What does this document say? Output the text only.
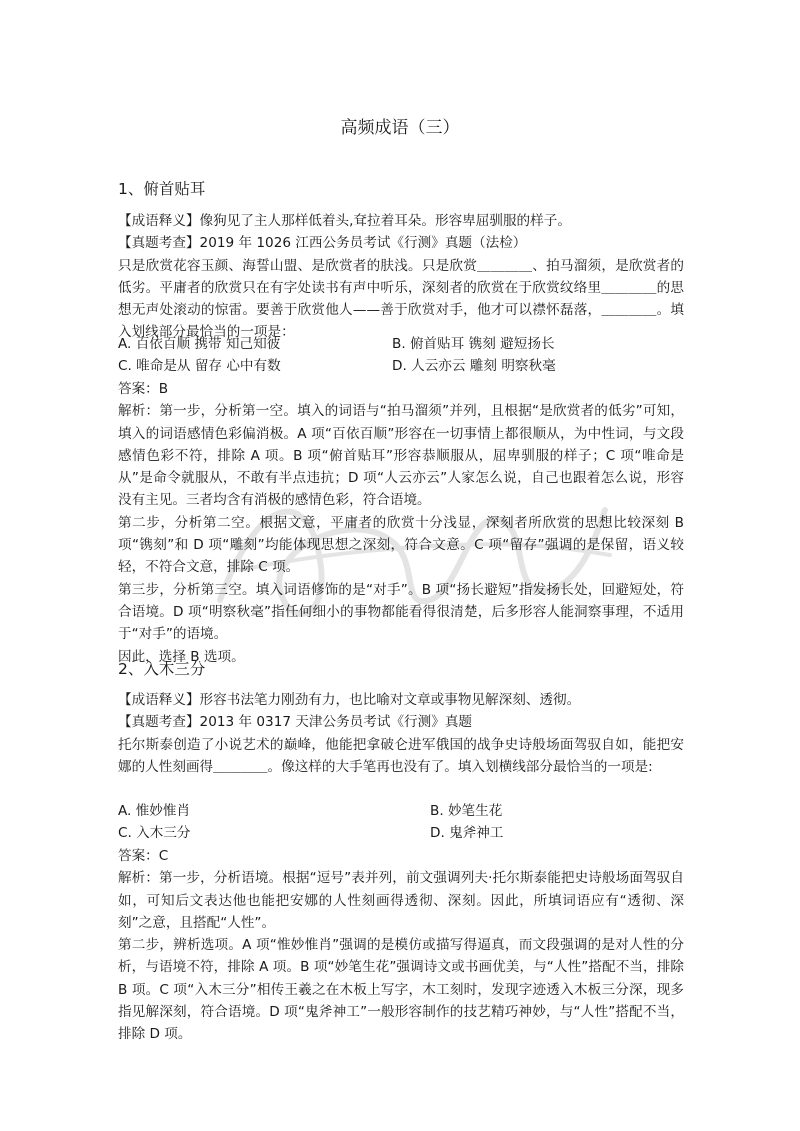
高频成语（三）
1、俯首贴耳

【成语释义】像狗见了主人那样低着头,耷拉着耳朵。形容卑屈驯服的样子。

【真题考查】2019 年 1026 江西公务员考试《行测》真题（法检）

只是欣赏花容玉颜、海誓山盟、是欣赏者的肤浅。只是欣赏＿＿＿＿、拍马溜须，是欣赏者的低劣。平庸者的欣赏只在有字处读书有声中听乐，深刻者的欣赏在于欣赏纹络里＿＿＿＿的思想无声处滚动的惊雷。要善于欣赏他人——善于欣赏对手，他才可以襟怀磊落，＿＿＿＿。填入划线部分最恰当的一项是：

A. 百依百顺 携带 知己知彼	B. 俯首贴耳 镌刻 避短扬长
C. 唯命是从 留存 心中有数	D. 人云亦云 雕刻 明察秋毫

答案：B

解析：第一步，分析第一空。填入的词语与“拍马溜须”并列，且根据“是欣赏者的低劣”可知，填入的词语感情色彩偏消极。A 项“百依百顺”形容在一切事情上都很顺从，为中性词，与文段感情色彩不符，排除 A 项。B 项“俯首贴耳”形容恭顺服从，屈卑驯服的样子；C 项“唯命是从”是命令就服从，不敢有半点违抗；D 项“人云亦云”人家怎么说，自己也跟着怎么说，形容没有主见。三者均含有消极的感情色彩，符合语境。

第二步，分析第二空。根据文意，平庸者的欣赏十分浅显，深刻者所欣赏的思想比较深刻 B 项“镌刻”和 D 项“雕刻”均能体现思想之深刻，符合文意。C 项“留存”强调的是保留，语义较轻，不符合文意，排除 C 项。

第三步，分析第三空。填入词语修饰的是“对手”。B 项“扬长避短”指发扬长处，回避短处，符合语境。D 项“明察秋毫”指任何细小的事物都能看得很清楚，后多形容人能洞察事理，不适用于“对手”的语境。

因此，选择 B 选项。

2、入木三分

【成语释义】形容书法笔力刚劲有力，也比喻对文章或事物见解深刻、透彻。

【真题考查】2013 年 0317 天津公务员考试《行测》真题

托尔斯泰创造了小说艺术的巅峰，他能把拿破仑进军俄国的战争史诗般场面驾驭自如，能把安娜的人性刻画得＿＿＿＿。像这样的大手笔再也没有了。填入划横线部分最恰当的一项是:

A. 惟妙惟肖	B. 妙笔生花
C. 入木三分	D. 鬼斧神工

答案：C

解析：第一步，分析语境。根据“逗号”表并列，前文强调列夫·托尔斯泰能把史诗般场面驾驭自如，可知后文表达他也能把安娜的人性刻画得透彻、深刻。因此，所填词语应有“透彻、深刻”之意，且搭配“人性”。

第二步，辨析选项。A 项“惟妙惟肖”强调的是模仿或描写得逼真，而文段强调的是对人性的分析，与语境不符，排除 A 项。B 项“妙笔生花”强调诗文或书画优美，与“人性”搭配不当，排除 B 项。C 项“入木三分”相传王羲之在木板上写字，木工刻时，发现字迹透入木板三分深，现多指见解深刻，符合语境。D 项“鬼斧神工”一般形容制作的技艺精巧神妙，与“人性”搭配不当，排除 D 项。
